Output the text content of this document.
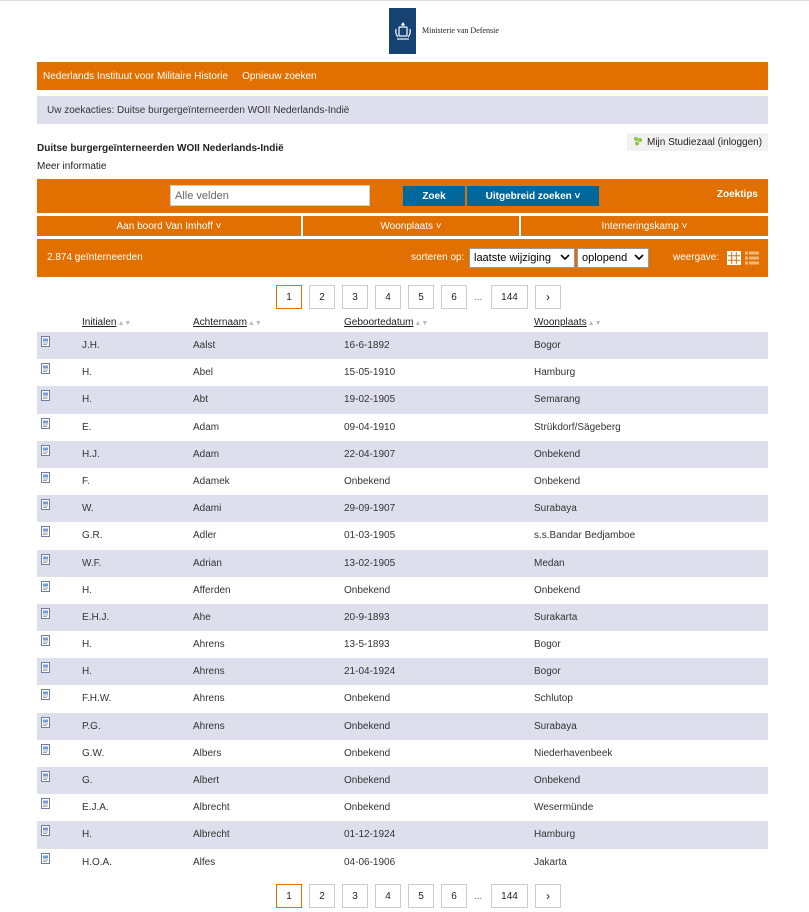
Ministerie van Defensie
Nederlands Instituut voor Militaire Historie Opnieuw zoeken
Uw zoekacties: Duitse burgergeïnterneerden WOII Nederlands-Indië
Duitse burgergeïnterneerden WOII Nederlands-Indië
Meer informatie
Mijn Studiezaal (inloggen)
Alle velden
Zoek	Uitgebreid zoeken ˅	Zoektips
Aan boord Van Imhoff ˅	Woonplaats ˅	Interneringskamp ˅
2.874 geïnterneerden	sorteren op: laatste wijziging	oplopend	weergave:
1	2	3	4	5	6	...	144	›
Initialen▲▼	Achternaam▲▼	Geboortedatum▲▼	Woonplaats▲▼
J.H.	Aalst	16-6-1892	Bogor
H.	Abel	15-05-1910	Hamburg
H.	Abt	19-02-1905	Semarang
E.	Adam	09-04-1910	Strükdorf/Sägeberg
H.J.	Adam	22-04-1907	Onbekend
F.	Adamek	Onbekend	Onbekend
W.	Adami	29-09-1907	Surabaya
G.R.	Adler	01-03-1905	s.s.Bandar Bedjamboe
W.F.	Adrian	13-02-1905	Medan
H.	Afferden	Onbekend	Onbekend
E.H.J.	Ahe	20-9-1893	Surakarta
H.	Ahrens	13-5-1893	Bogor
H.	Ahrens	21-04-1924	Bogor
F.H.W.	Ahrens	Onbekend	Schlutop
P.G.	Ahrens	Onbekend	Surabaya
G.W.	Albers	Onbekend	Niederhavenbeek
G.	Albert	Onbekend	Onbekend
E.J.A.	Albrecht	Onbekend	Wesermünde
H.	Albrecht	01-12-1924	Hamburg
H.O.A.	Alfes	04-06-1906	Jakarta
1	2	3	4	5	6	...	144	›
